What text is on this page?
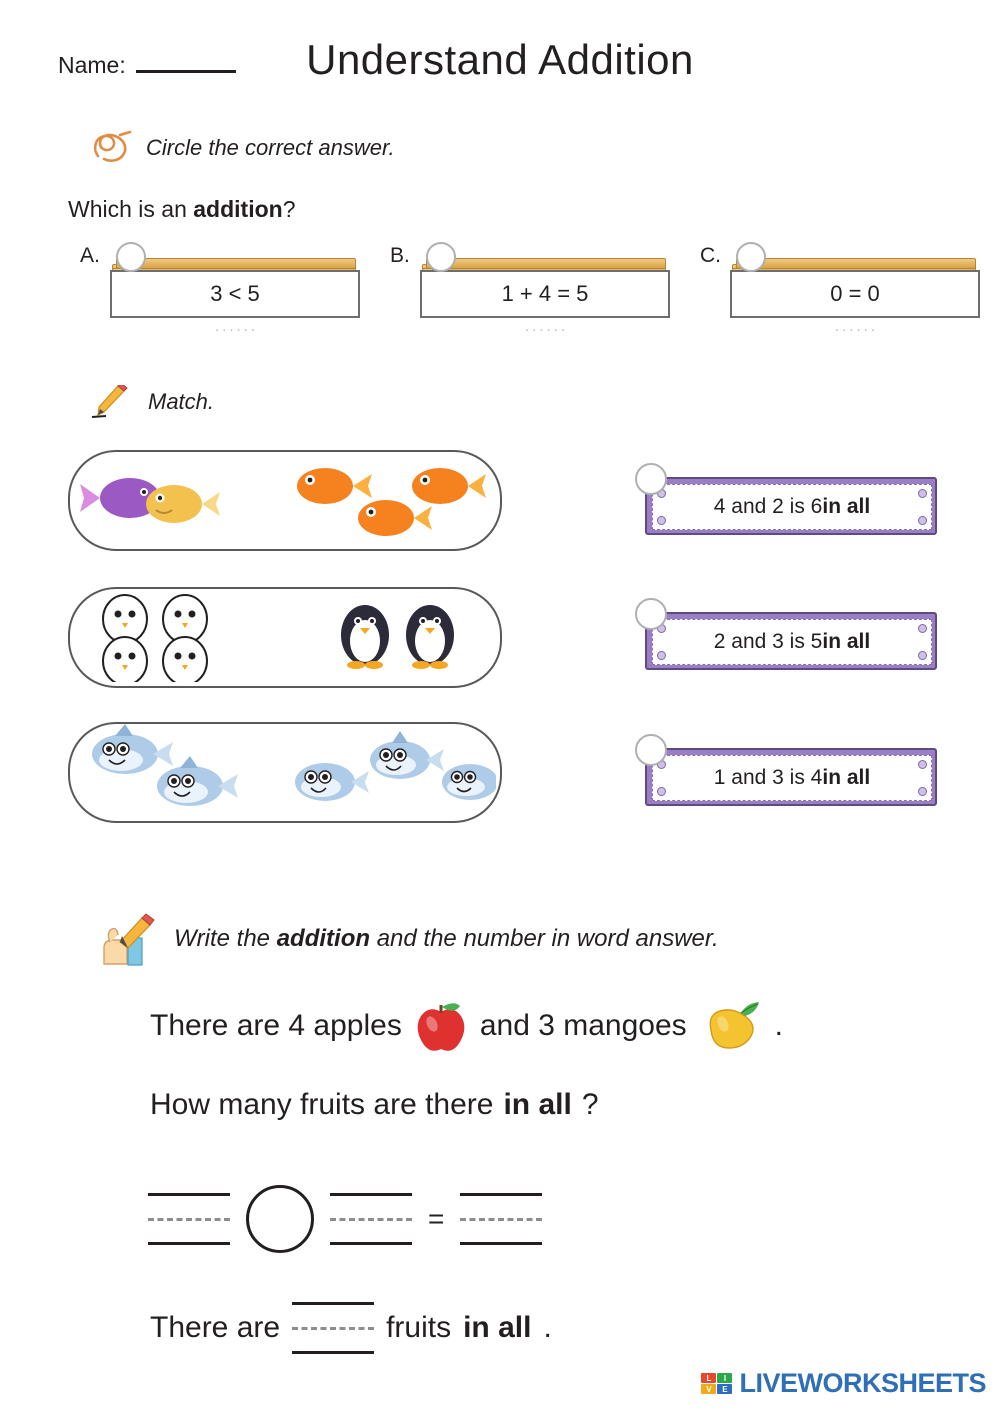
Name:	Understand Addition
Circle the correct answer.
Which is an addition?
A.
3 < 5
......
B.
1 + 4 = 5
......
C.
0 = 0
......
Match.
4 and 2 is 6 in all
2 and 3 is 5 in all
1 and 3 is 4 in all
Write the addition and the number in word answer.
There are 4 apples	and 3 mangoes	.
How many fruits are there in all ?
=
There are	fruits in all .
L	I
V	E LIVEWORKSHEETS
